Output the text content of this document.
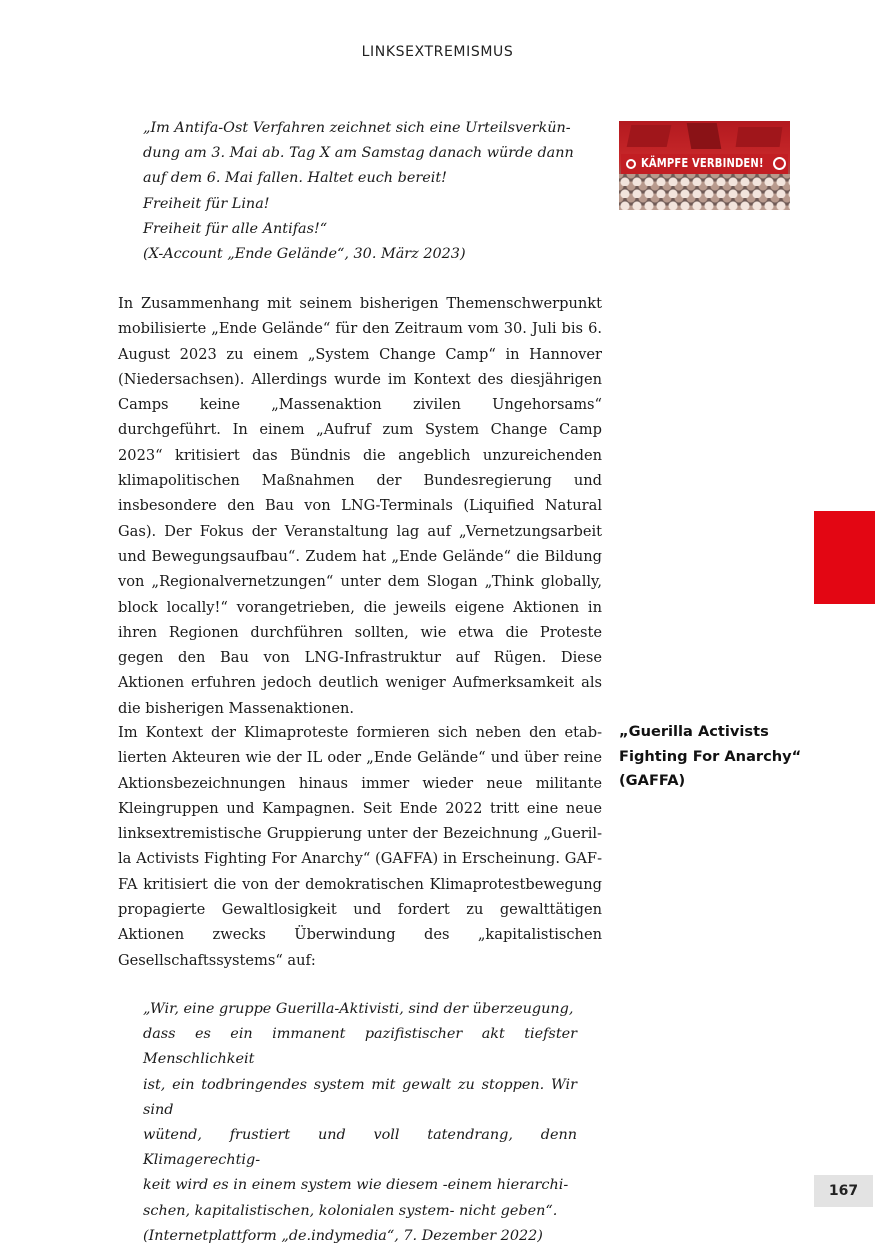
LINKSEXTREMISMUS
„Im Antifa-Ost Verfahren zeichnet sich eine Urteilsverkün-
dung am 3. Mai ab. Tag X am Samstag danach würde dann
auf dem 6. Mai fallen. Haltet euch bereit!
Freiheit für Lina!
Freiheit für alle Antifas!“
(X-Account „Ende Gelände“, 30. März 2023)
KÄMPFE VERBINDEN!

In Zusammenhang mit seinem bisherigen Themenschwerpunkt mobilisierte „Ende Gelände“ für den Zeitraum vom 30. Juli bis 6. August 2023 zu einem „System Change Camp“ in Hannover (Niedersachsen). Allerdings wurde im Kontext des diesjährigen Camps keine „Massenaktion zivilen Ungehorsams“ durchgeführt. In einem „Aufruf zum System Change Camp 2023“ kritisiert das Bündnis die angeblich unzureichenden klimapolitischen Maßnahmen der Bundesregierung und insbesondere den Bau von LNG-Terminals (Liquified Natural Gas). Der Fokus der Veranstaltung lag auf „Vernetzungsarbeit und Bewegungsaufbau“. Zudem hat „Ende Gelände“ die Bildung von „Regionalvernetzungen“ unter dem Slogan „Think globally, block locally!“ vorangetrieben, die jeweils eigene Aktionen in ihren Regionen durchführen sollten, wie etwa die Proteste gegen den Bau von LNG-Infrastruktur auf Rügen. Diese Aktionen erfuhren jedoch deutlich weniger Aufmerksamkeit als die bisherigen Massenaktionen.

„Guerilla Activists
Fighting For Anarchy“
(GAFFA)

Im Kontext der Klimaproteste formieren sich neben den etablierten Akteuren wie der IL oder „Ende Gelände“ und über reine Aktionsbezeichnungen hinaus immer wieder neue militante Kleingruppen und Kampagnen. Seit Ende 2022 tritt eine neue linksextremistische Gruppierung unter der Bezeichnung „Guerilla Activists Fighting For Anarchy“ (GAFFA) in Erscheinung. GAFFA kritisiert die von der demokratischen Klimaprotestbewegung propagierte Gewaltlosigkeit und fordert zu gewalttätigen Aktionen zwecks Überwindung des „kapitalistischen Gesellschaftssystems“ auf:

„Wir, eine gruppe Guerilla-Aktivisti, sind der überzeugung,
dass es ein immanent pazifistischer akt tiefster Menschlichkeit
ist, ein todbringendes system mit gewalt zu stoppen. Wir sind
wütend, frustiert und voll tatendrang, denn Klimagerechtig-
keit wird es in einem system wie diesem -einem hierarchi-
schen, kapitalistischen, kolonialen system- nicht geben“.
(Internetplattform „de.indymedia“, 7. Dezember 2022)
167
